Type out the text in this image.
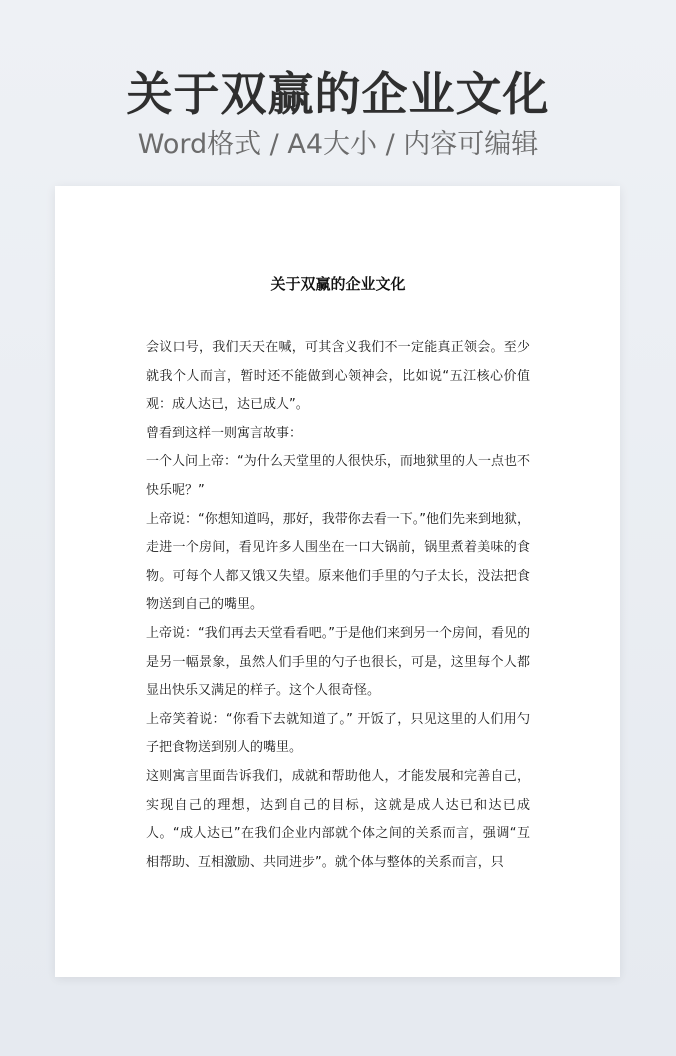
关于双赢的企业文化
Word格式 / A4大小 / 内容可编辑
关于双赢的企业文化

会议口号，我们天天在喊，可其含义我们不一定能真正领会。至少就我个人而言，暂时还不能做到心领神会，比如说“五江核心价值观：成人达已，达已成人”。

曾看到这样一则寓言故事：

一个人问上帝：“为什么天堂里的人很快乐，而地狱里的人一点也不快乐呢？”

上帝说：“你想知道吗，那好，我带你去看一下。”他们先来到地狱，走进一个房间，看见许多人围坐在一口大锅前，锅里煮着美味的食物。可每个人都又饿又失望。原来他们手里的勺子太长，没法把食物送到自己的嘴里。

上帝说：“我们再去天堂看看吧。”于是他们来到另一个房间，看见的是另一幅景象，虽然人们手里的勺子也很长，可是，这里每个人都显出快乐又满足的样子。这个人很奇怪。

上帝笑着说：“你看下去就知道了。” 开饭了，只见这里的人们用勺子把食物送到别人的嘴里。

这则寓言里面告诉我们，成就和帮助他人，才能发展和完善自己，实现自己的理想，达到自己的目标，这就是成人达已和达已成人。“成人达已”在我们企业内部就个体之间的关系而言，强调“互相帮助、互相激励、共同进步”。就个体与整体的关系而言，只
